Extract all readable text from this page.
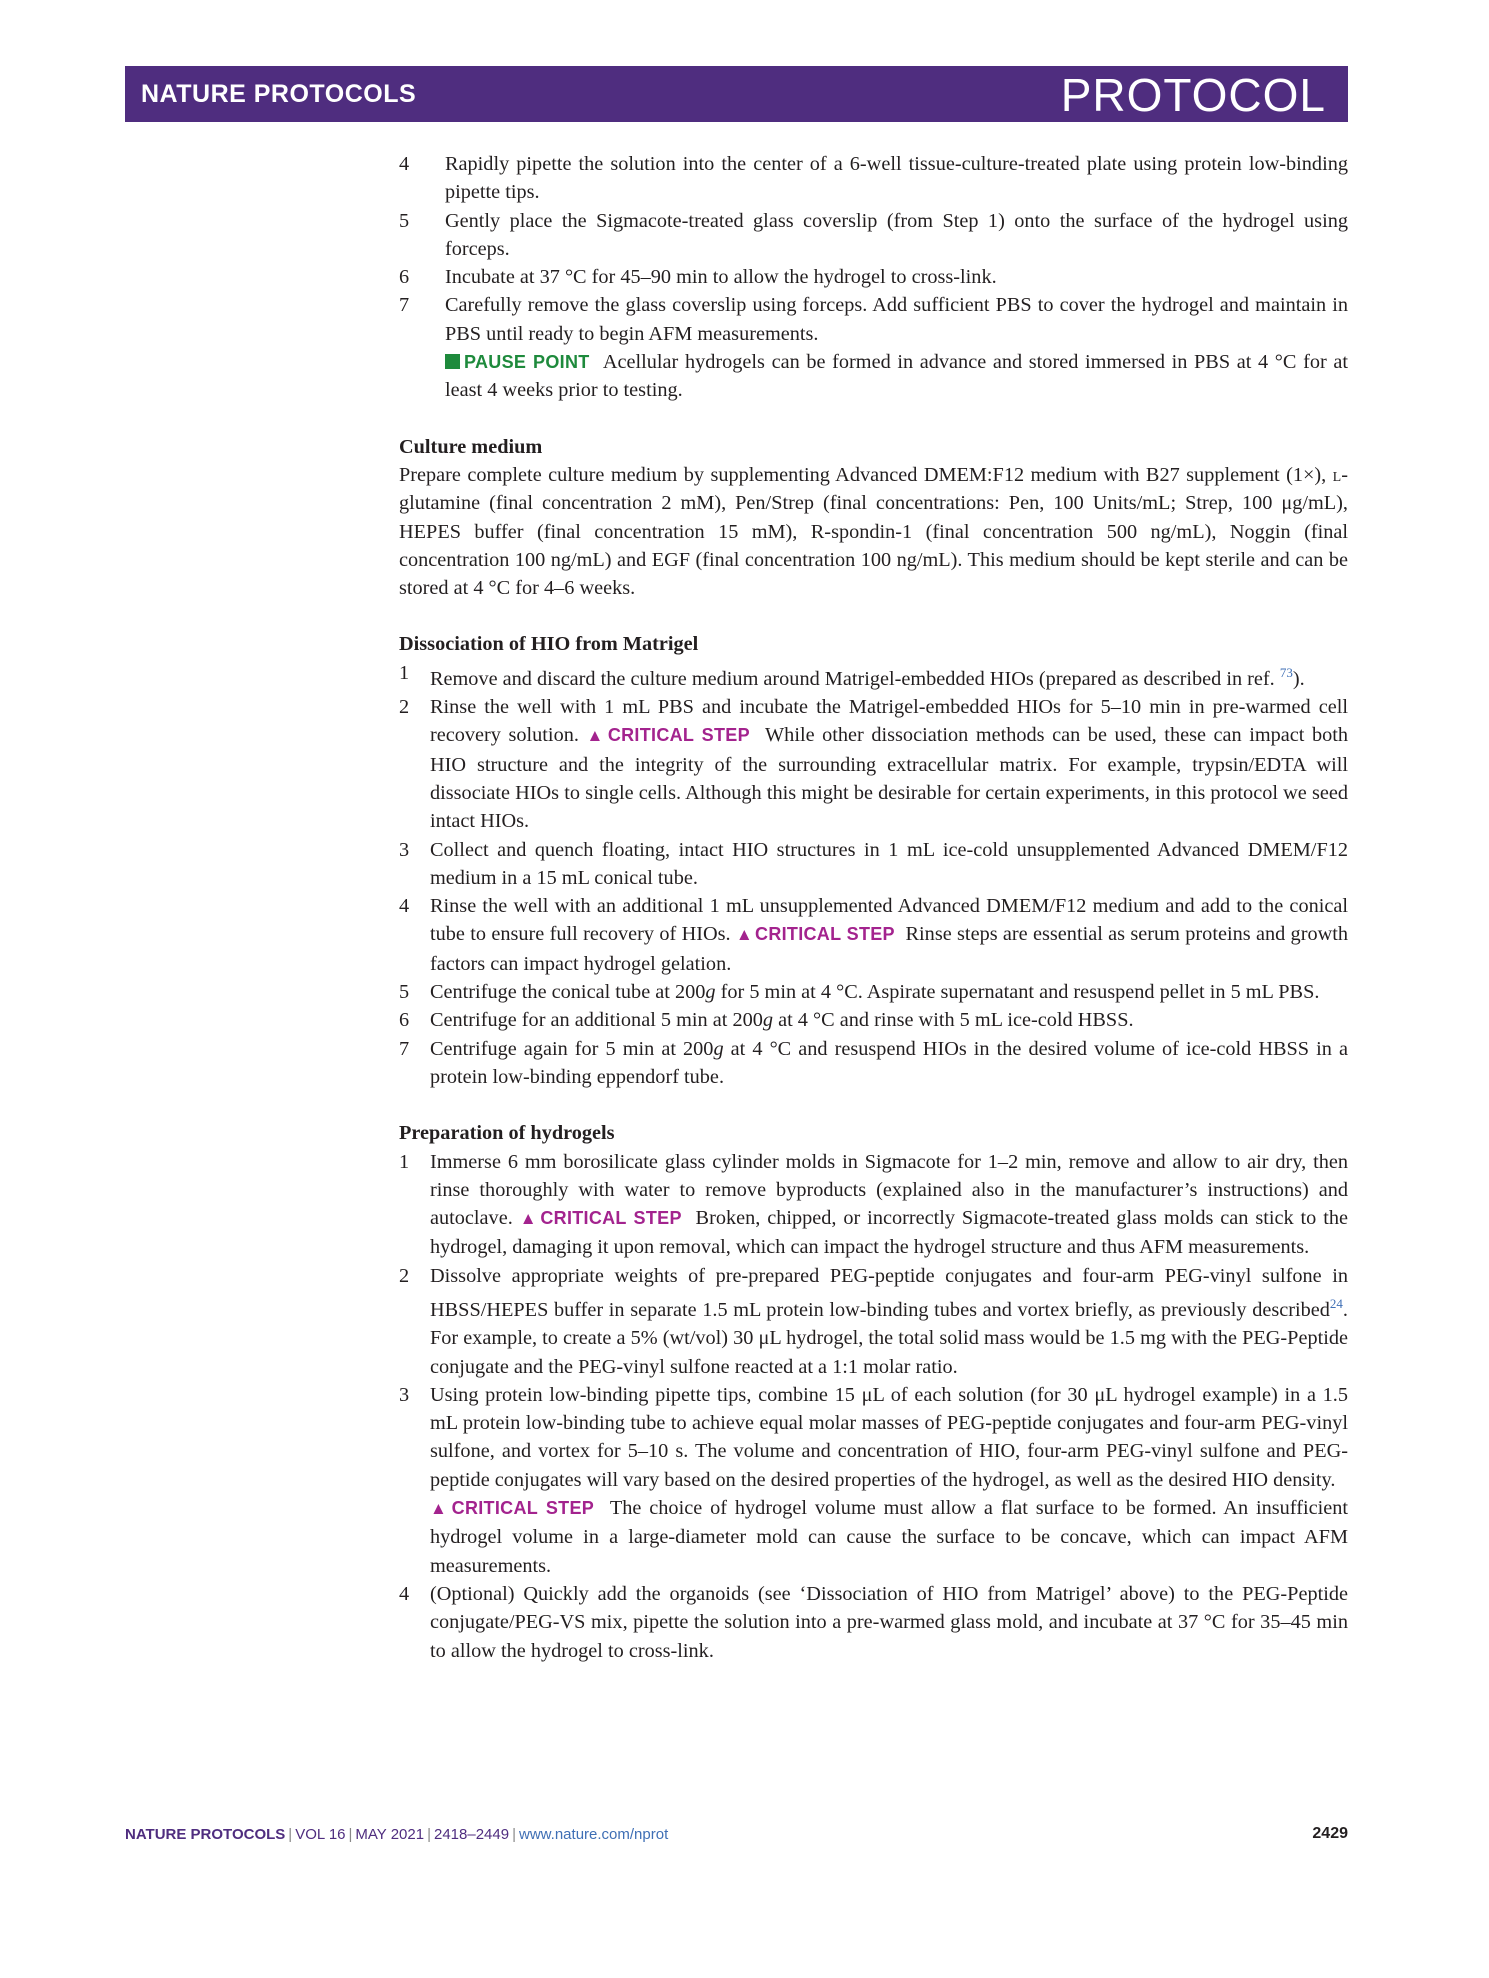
NATURE PROTOCOLS	PROTOCOL

4 Rapidly pipette the solution into the center of a 6-well tissue-culture-treated plate using protein low-binding pipette tips.

5 Gently place the Sigmacote-treated glass coverslip (from Step 1) onto the surface of the hydrogel using forceps.

6 Incubate at 37 °C for 45–90 min to allow the hydrogel to cross-link.

7 Carefully remove the glass coverslip using forceps. Add sufficient PBS to cover the hydrogel and maintain in PBS until ready to begin AFM measurements.
PAUSE POINT Acellular hydrogels can be formed in advance and stored immersed in PBS at 4 °C for at least 4 weeks prior to testing.

Culture medium

Prepare complete culture medium by supplementing Advanced DMEM:F12 medium with B27 supplement (1×), l-glutamine (final concentration 2 mM), Pen/Strep (final concentrations: Pen, 100 Units/mL; Strep, 100 μg/mL), HEPES buffer (final concentration 15 mM), R-spondin-1 (final concentration 500 ng/mL), Noggin (final concentration 100 ng/mL) and EGF (final concentration 100 ng/mL). This medium should be kept sterile and can be stored at 4 °C for 4–6 weeks.

Dissociation of HIO from Matrigel

1 Remove and discard the culture medium around Matrigel-embedded HIOs (prepared as described in ref. $^{73}$).

2 Rinse the well with 1 mL PBS and incubate the Matrigel-embedded HIOs for 5–10 min in pre-warmed cell recovery solution. ▲ CRITICAL STEP While other dissociation methods can be used, these can impact both HIO structure and the integrity of the surrounding extracellular matrix. For example, trypsin/EDTA will dissociate HIOs to single cells. Although this might be desirable for certain experiments, in this protocol we seed intact HIOs.

3 Collect and quench floating, intact HIO structures in 1 mL ice-cold unsupplemented Advanced DMEM/F12 medium in a 15 mL conical tube.

4 Rinse the well with an additional 1 mL unsupplemented Advanced DMEM/F12 medium and add to the conical tube to ensure full recovery of HIOs. ▲ CRITICAL STEP Rinse steps are essential as serum proteins and growth factors can impact hydrogel gelation.

5 Centrifuge the conical tube at 200g for 5 min at 4 °C. Aspirate supernatant and resuspend pellet in 5 mL PBS.

6 Centrifuge for an additional 5 min at 200g at 4 °C and rinse with 5 mL ice-cold HBSS.

7 Centrifuge again for 5 min at 200g at 4 °C and resuspend HIOs in the desired volume of ice-cold HBSS in a protein low-binding eppendorf tube.

Preparation of hydrogels

1 Immerse 6 mm borosilicate glass cylinder molds in Sigmacote for 1–2 min, remove and allow to air dry, then rinse thoroughly with water to remove byproducts (explained also in the manufacturer’s instructions) and autoclave. ▲ CRITICAL STEP Broken, chipped, or incorrectly Sigmacote-treated glass molds can stick to the hydrogel, damaging it upon removal, which can impact the hydrogel structure and thus AFM measurements.

2 Dissolve appropriate weights of pre-prepared PEG-peptide conjugates and four-arm PEG-vinyl sulfone in HBSS/HEPES buffer in separate 1.5 mL protein low-binding tubes and vortex briefly, as previously described$^{24}$. For example, to create a 5% (wt/vol) 30 μL hydrogel, the total solid mass would be 1.5 mg with the PEG-Peptide conjugate and the PEG-vinyl sulfone reacted at a 1:1 molar ratio.

3 Using protein low-binding pipette tips, combine 15 μL of each solution (for 30 μL hydrogel example) in a 1.5 mL protein low-binding tube to achieve equal molar masses of PEG-peptide conjugates and four-arm PEG-vinyl sulfone, and vortex for 5–10 s. The volume and concentration of HIO, four-arm PEG-vinyl sulfone and PEG-peptide conjugates will vary based on the desired properties of the hydrogel, as well as the desired HIO density.
▲ CRITICAL STEP The choice of hydrogel volume must allow a flat surface to be formed. An insufficient hydrogel volume in a large-diameter mold can cause the surface to be concave, which can impact AFM measurements.

4 (Optional) Quickly add the organoids (see ‘Dissociation of HIO from Matrigel’ above) to the PEG-Peptide conjugate/PEG-VS mix, pipette the solution into a pre-warmed glass mold, and incubate at 37 °C for 35–45 min to allow the hydrogel to cross-link.

NATURE PROTOCOLS | VOL 16 | MAY 2021 | 2418–2449 | www.nature.com/nprot	2429
